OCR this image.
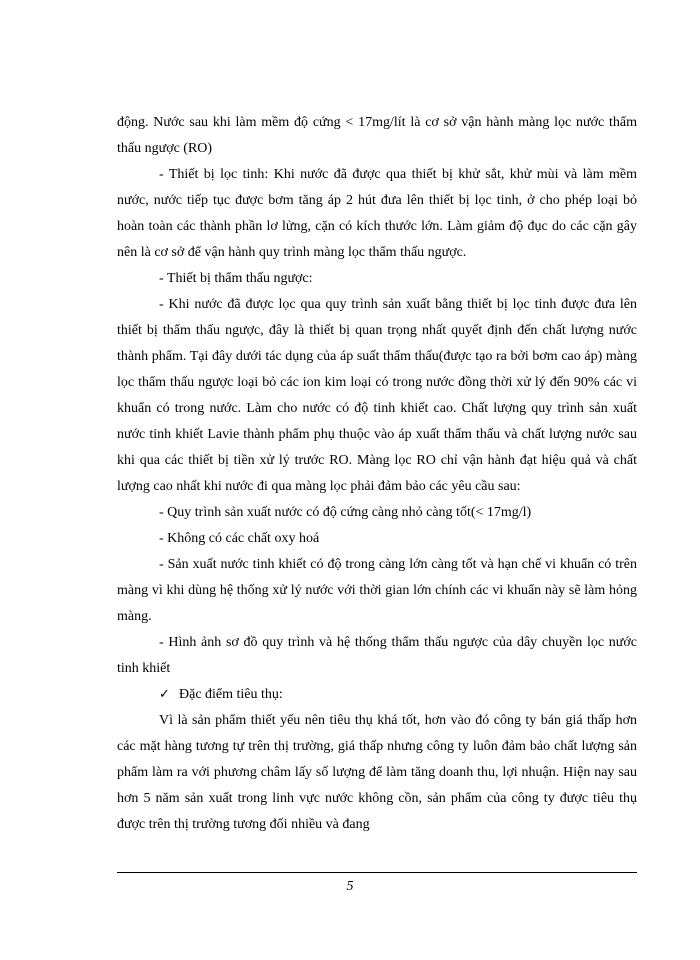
động. Nước sau khi làm mềm độ cứng < 17mg/lít là cơ sở vận hành màng lọc nước thẩm thấu ngược (RO)

- Thiết bị lọc tinh: Khi nước đã được qua thiết bị khử sắt, khử mùi và làm mềm nước, nước tiếp tục được bơm tăng áp 2 hút đưa lên thiết bị lọc tinh, ở cho phép loại bỏ hoàn toàn các thành phần lơ lửng, cặn có kích thước lớn. Làm giảm độ đục do các cặn gây nên là cơ sở để vận hành quy trình màng lọc thẩm thấu ngược.

- Thiết bị thẩm thấu ngược:

- Khi nước đã được lọc qua quy trình sản xuất bằng thiết bị lọc tinh được đưa lên thiết bị thẩm thấu ngược, đây là thiết bị quan trọng nhất quyết định đến chất lượng nước thành phẩm. Tại đây dưới tác dụng của áp suất thẩm thấu(được tạo ra bởi bơm cao áp) màng lọc thẩm thấu ngược loại bỏ các ion kim loại có trong nước đồng thời xử lý đến 90% các vi khuẩn có trong nước. Làm cho nước có độ tinh khiết cao. Chất lượng quy trình sản xuất nước tinh khiết Lavie thành phẩm phụ thuộc vào áp xuất thẩm thấu và chất lượng nước sau khi qua các thiết bị tiền xử lý trước RO. Màng lọc RO chỉ vận hành đạt hiệu quả và chất lượng cao nhất khi nước đi qua màng lọc phải đảm bảo các yêu cầu sau:

- Quy trình sản xuất nước có độ cứng càng nhỏ càng tốt(< 17mg/l)

- Không có các chất oxy hoá

- Sản xuất nước tinh khiết có độ trong càng lớn càng tốt và hạn chế vi khuẩn có trên màng vì khi dùng hệ thống xử lý nước với thời gian lớn chính các vi khuẩn này sẽ làm hỏng màng.

- Hình ảnh sơ đồ quy trình và hệ thống thẩm thấu ngược của dây chuyền lọc nước tinh khiết

✓ Đặc điểm tiêu thụ:

Vì là sản phẩm thiết yếu nên tiêu thụ khá tốt, hơn vào đó công ty bán giá thấp hơn các mặt hàng tương tự trên thị trường, giá thấp nhưng công ty luôn đảm bảo chất lượng sản phẩm làm ra với phương châm lấy số lượng để làm tăng doanh thu, lợi nhuận. Hiện nay sau hơn 5 năm sản xuất trong linh vực nước không cồn, sản phẩm của công ty được tiêu thụ được trên thị trường tương đối nhiều và đang

5
